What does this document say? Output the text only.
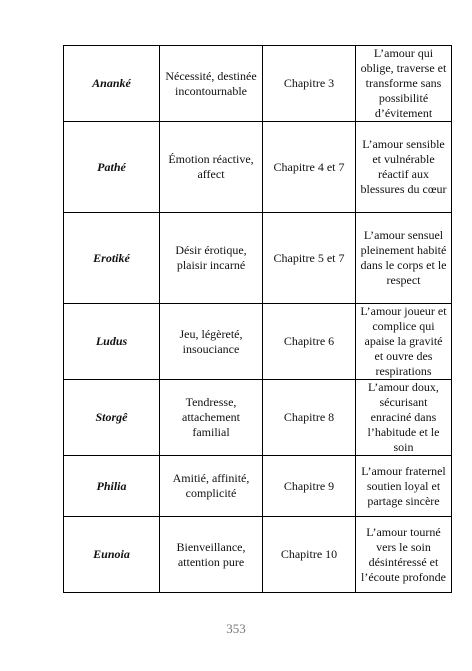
Ananké	Nécessité, destinée incontournable	Chapitre 3	L’amour qui oblige, traverse et transforme sans possibilité d’évitement
Pathé	Émotion réactive, affect	Chapitre 4 et 7	L’amour sensible et vulnérable réactif aux blessures du cœur
Erotiké	Désir érotique, plaisir incarné	Chapitre 5 et 7	L’amour sensuel pleinement habité dans le corps et le respect
Ludus	Jeu, légèreté, insouciance	Chapitre 6	L’amour joueur et complice qui apaise la gravité et ouvre des respirations
Storgê	Tendresse, attachement familial	Chapitre 8	L’amour doux, sécurisant enraciné dans l’habitude et le soin
Philia	Amitié, affinité, complicité	Chapitre 9	L’amour fraternel soutien loyal et partage sincère
Eunoia	Bienveillance, attention pure	Chapitre 10	L’amour tourné vers le soin désintéressé et l’écoute profonde
353
